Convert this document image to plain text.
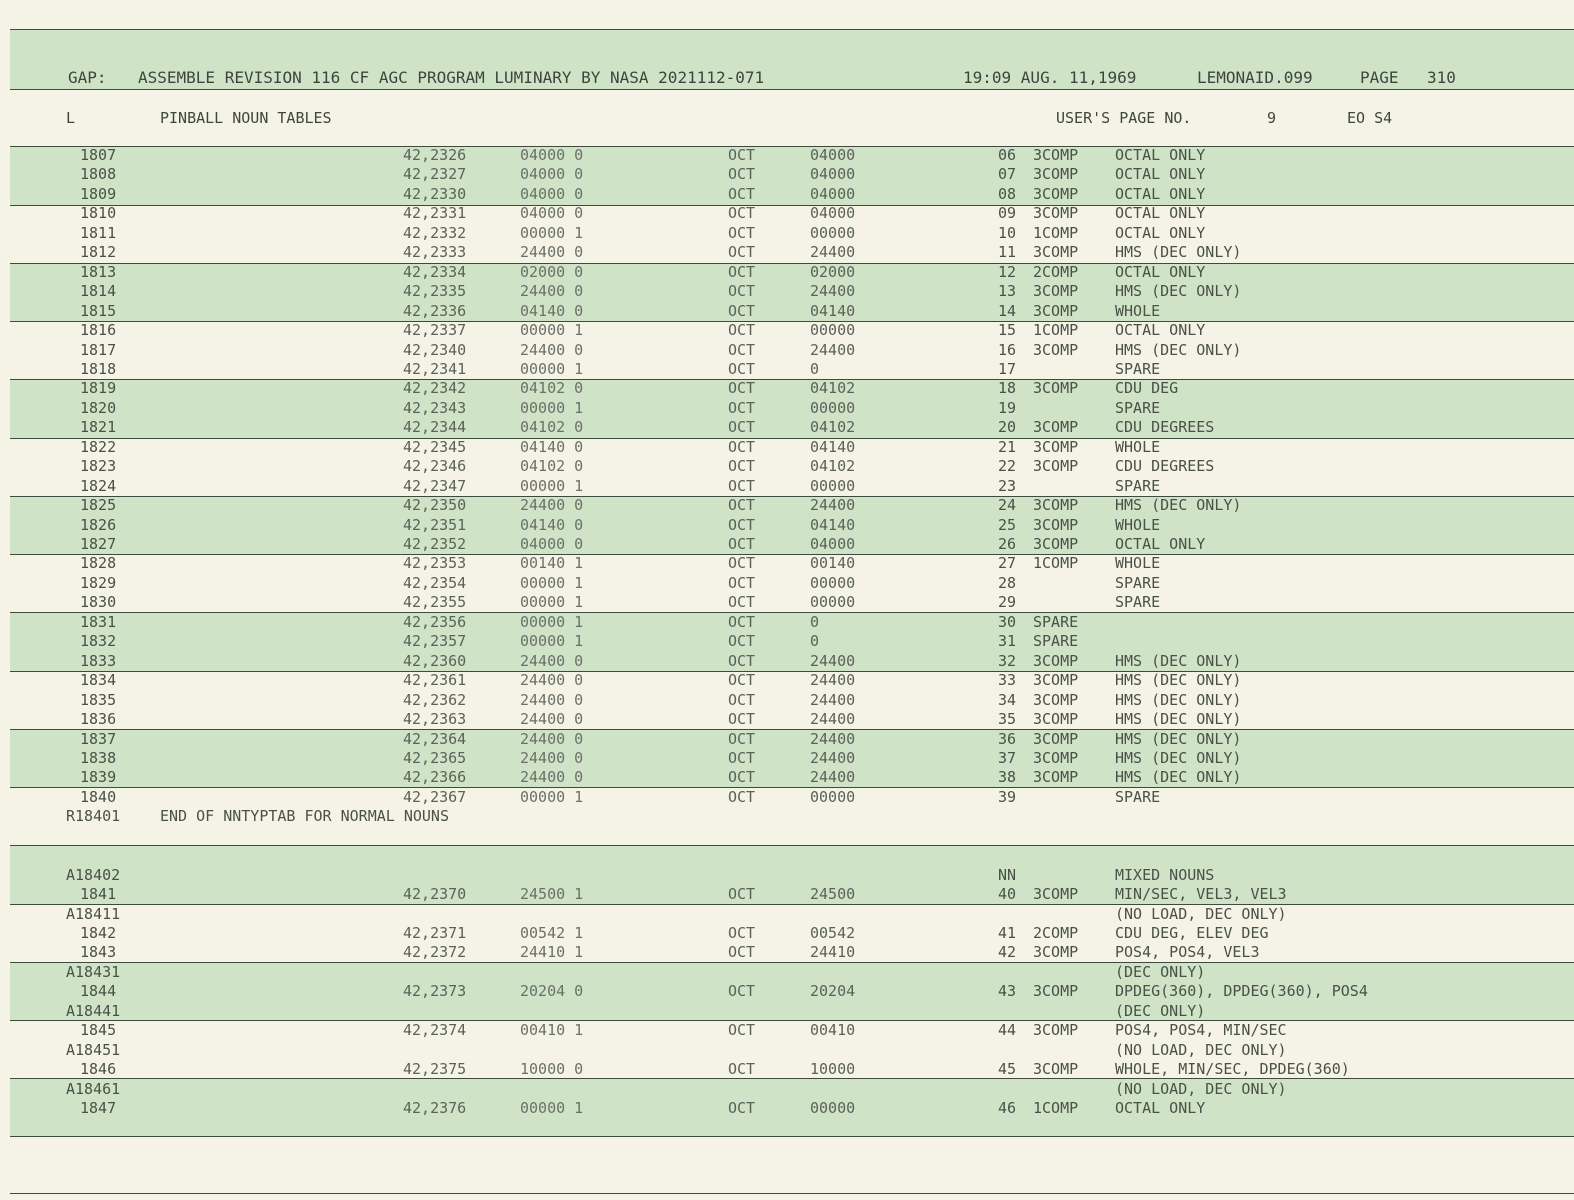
GAP: ASSEMBLE REVISION 116 CF AGC PROGRAM LUMINARY BY NASA 2021112-071	19:09 AUG. 11,1969	LEMONAID.099	PAGE 310
L	PINBALL NOUN TABLES	USER'S PAGE NO.	9	EO S4
1807	42,2326	04000 0	OCT	04000	06 3COMP OCTAL ONLY
1808	42,2327	04000 0	OCT	04000	07 3COMP OCTAL ONLY
1809	42,2330	04000 0	OCT	04000	08 3COMP OCTAL ONLY
1810	42,2331	04000 0	OCT	04000	09 3COMP OCTAL ONLY
1811	42,2332	00000 1	OCT	00000	10 1COMP OCTAL ONLY
1812	42,2333	24400 0	OCT	24400	11 3COMP HMS (DEC ONLY)
1813	42,2334	02000 0	OCT	02000	12 2COMP OCTAL ONLY
1814	42,2335	24400 0	OCT	24400	13 3COMP HMS (DEC ONLY)
1815	42,2336	04140 0	OCT	04140	14 3COMP WHOLE
1816	42,2337	00000 1	OCT	00000	15 1COMP OCTAL ONLY
1817	42,2340	24400 0	OCT	24400	16 3COMP HMS (DEC ONLY)
1818	42,2341	00000 1	OCT	0	17	SPARE
1819	42,2342	04102 0	OCT	04102	18 3COMP CDU DEG
1820	42,2343	00000 1	OCT	00000	19	SPARE
1821	42,2344	04102 0	OCT	04102	20 3COMP CDU DEGREES
1822	42,2345	04140 0	OCT	04140	21 3COMP WHOLE
1823	42,2346	04102 0	OCT	04102	22 3COMP CDU DEGREES
1824	42,2347	00000 1	OCT	00000	23	SPARE
1825	42,2350	24400 0	OCT	24400	24 3COMP HMS (DEC ONLY)
1826	42,2351	04140 0	OCT	04140	25 3COMP WHOLE
1827	42,2352	04000 0	OCT	04000	26 3COMP OCTAL ONLY
1828	42,2353	00140 1	OCT	00140	27 1COMP WHOLE
1829	42,2354	00000 1	OCT	00000	28	SPARE
1830	42,2355	00000 1	OCT	00000	29	SPARE
1831	42,2356	00000 1	OCT	0	30 SPARE
1832	42,2357	00000 1	OCT	0	31 SPARE
1833	42,2360	24400 0	OCT	24400	32 3COMP HMS (DEC ONLY)
1834	42,2361	24400 0	OCT	24400	33 3COMP HMS (DEC ONLY)
1835	42,2362	24400 0	OCT	24400	34 3COMP HMS (DEC ONLY)
1836	42,2363	24400 0	OCT	24400	35 3COMP HMS (DEC ONLY)
1837	42,2364	24400 0	OCT	24400	36 3COMP HMS (DEC ONLY)
1838	42,2365	24400 0	OCT	24400	37 3COMP HMS (DEC ONLY)
1839	42,2366	24400 0	OCT	24400	38 3COMP HMS (DEC ONLY)
1840	42,2367	00000 1	OCT	00000	39	SPARE
R18401	END OF NNTYPTAB FOR NORMAL NOUNS
A18402	NN	MIXED NOUNS
1841	42,2370	24500 1	OCT	24500	40 3COMP MIN/SEC, VEL3, VEL3
A18411	(NO LOAD, DEC ONLY)
1842	42,2371	00542 1	OCT	00542	41 2COMP CDU DEG, ELEV DEG
1843	42,2372	24410 1	OCT	24410	42 3COMP POS4, POS4, VEL3
A18431	(DEC ONLY)
1844	42,2373	20204 0	OCT	20204	43 3COMP DPDEG(360), DPDEG(360), POS4
A18441	(DEC ONLY)
1845	42,2374	00410 1	OCT	00410	44 3COMP POS4, POS4, MIN/SEC
A18451	(NO LOAD, DEC ONLY)
1846	42,2375	10000 0	OCT	10000	45 3COMP WHOLE, MIN/SEC, DPDEG(360)
A18461	(NO LOAD, DEC ONLY)
1847	42,2376	00000 1	OCT	00000	46 1COMP OCTAL ONLY
